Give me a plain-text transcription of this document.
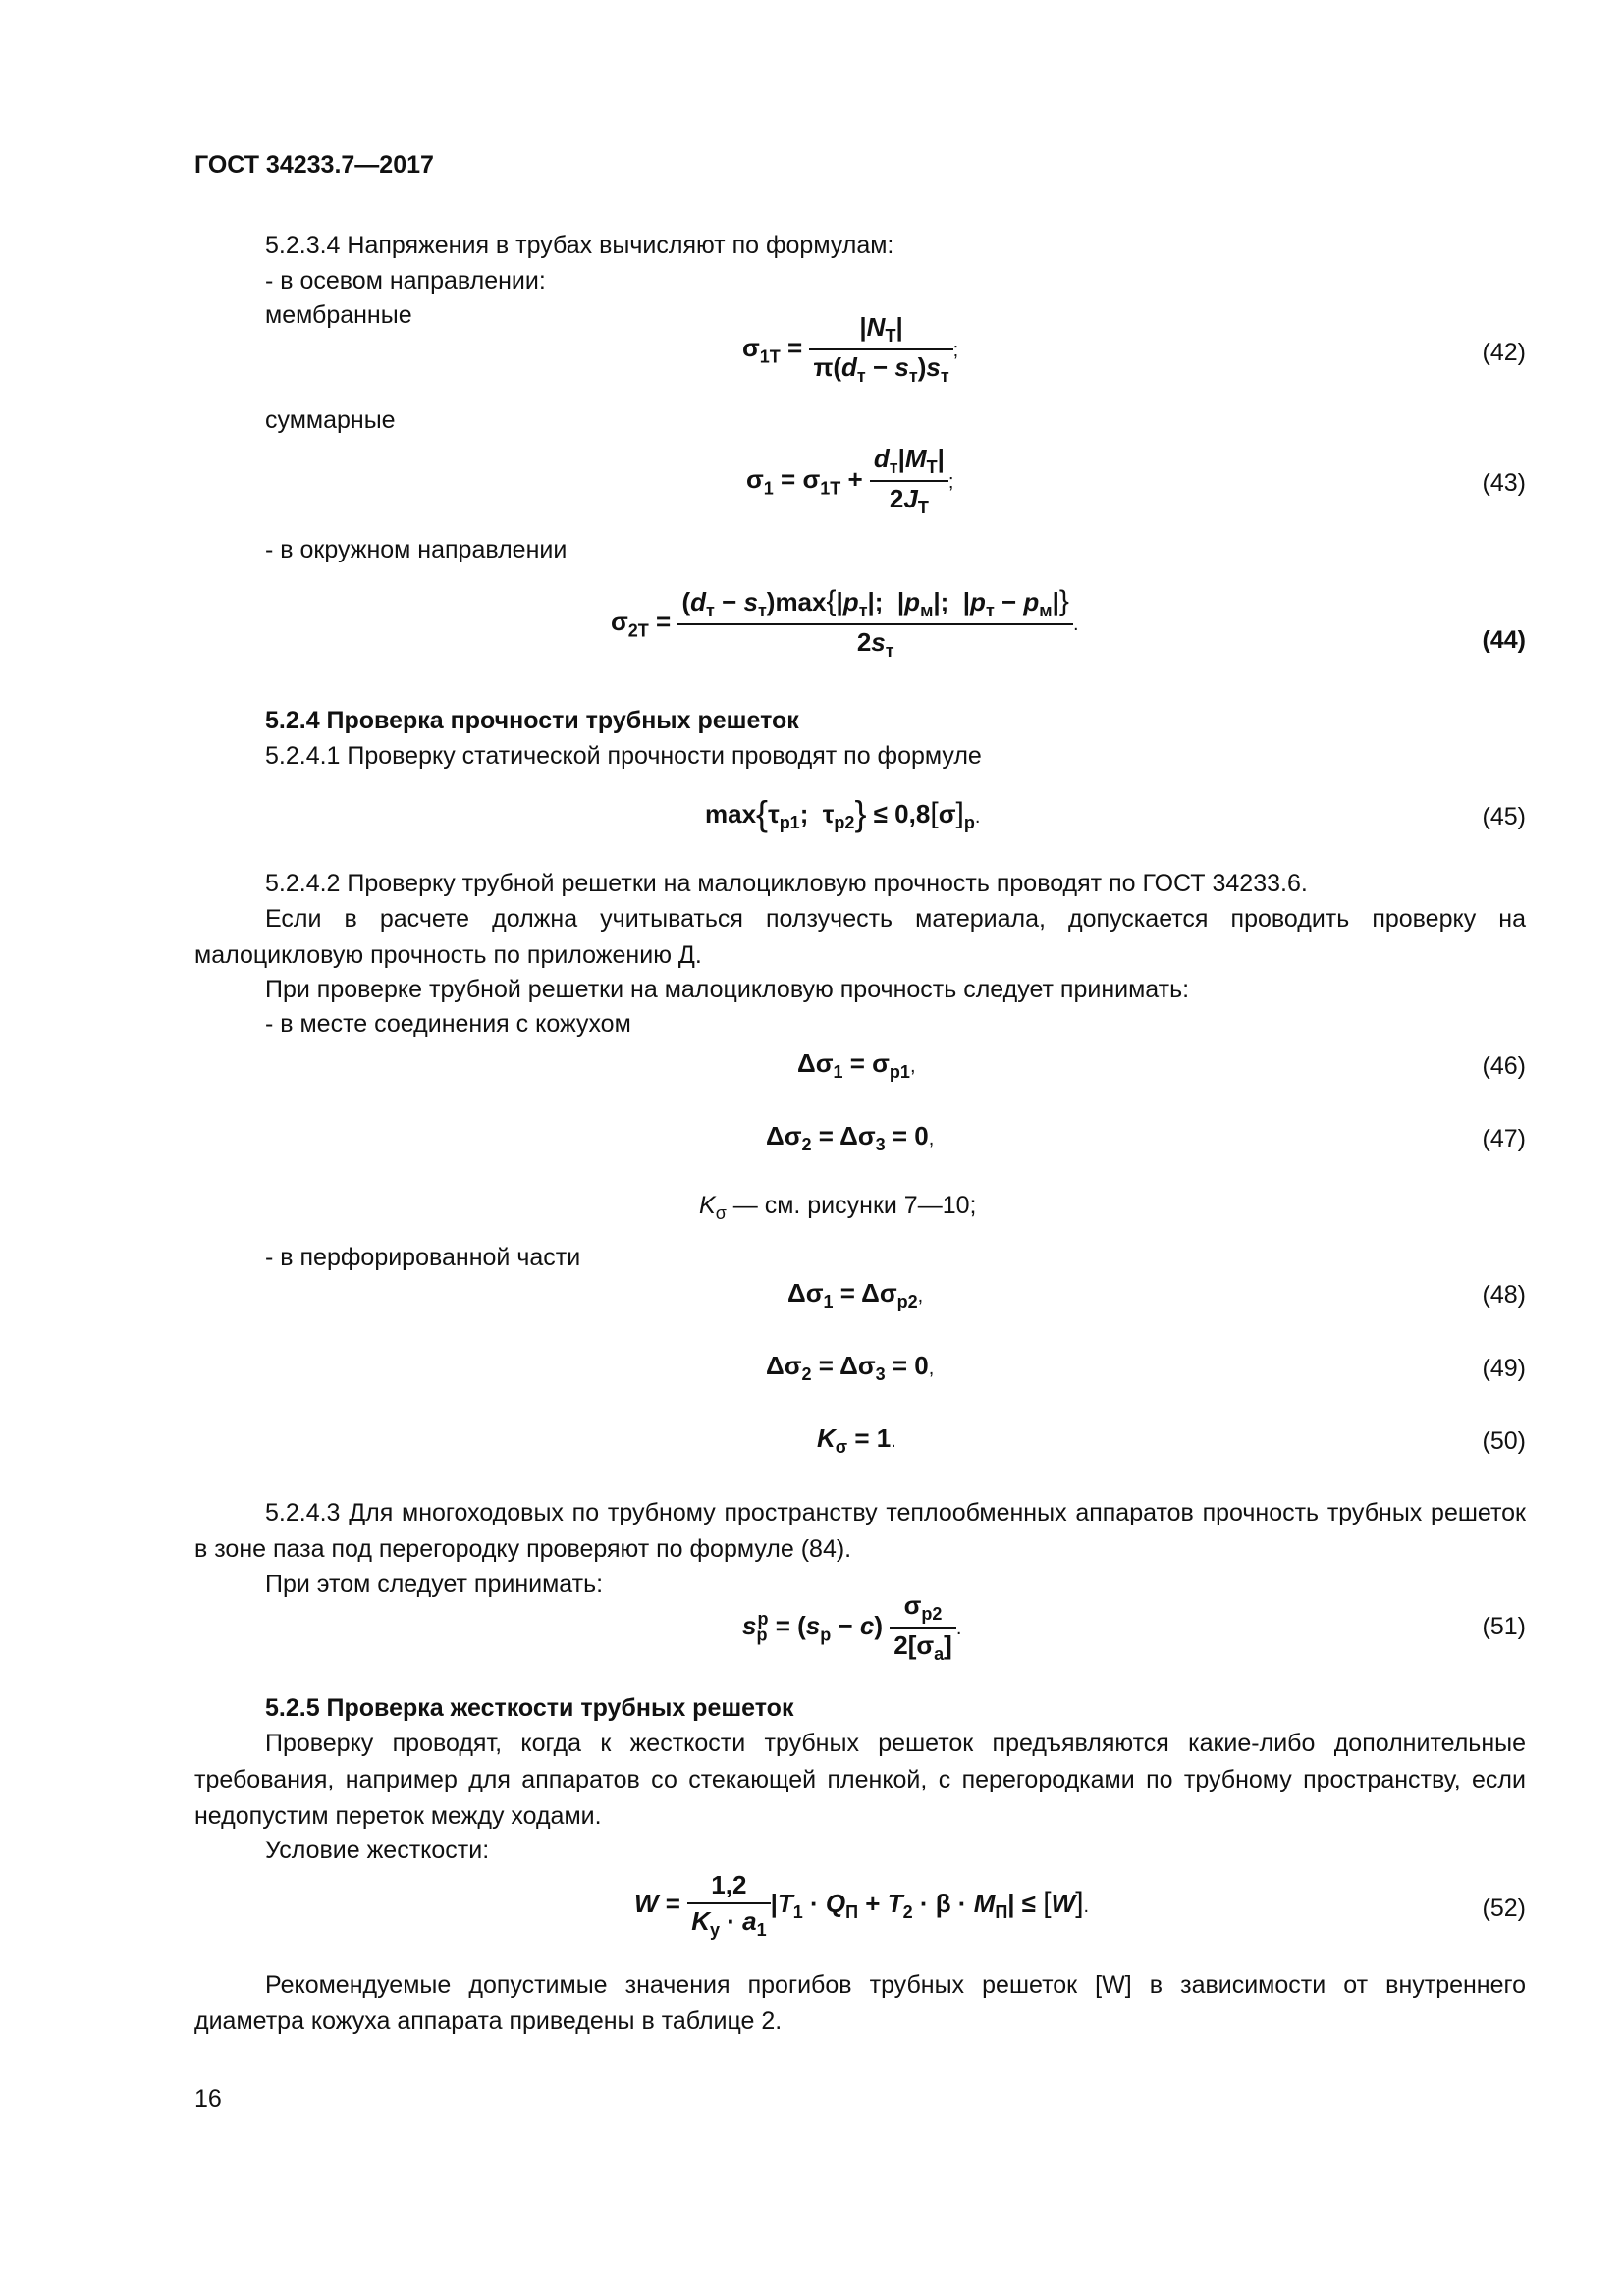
ГОСТ 34233.7—2017
5.2.3.4 Напряжения в трубах вычисляют по формулам:
- в осевом направлении:
мембранные
$\sigma_{1Т} = \frac{|N_Т|}{\pi(d_т - s_т)s_т}$ ;	(42)
суммарные
$\sigma_1 = \sigma_{1Т} + \frac{d_т|M_Т|}{2J_Т}$ ;	(43)
- в окружном направлении
$\sigma_{2Т} = \frac{(d_т - s_т)\max\{|p_т|; |p_м|; |p_т - p_м|\}}{2s_т}$ .
(44)
5.2.4 Проверка прочности трубных решеток
5.2.4.1 Проверку статической прочности проводят по формуле
$\max\{\tau_{р1}$;  $\tau_{р2}\} \le 0,8[\sigma]_р$.	(45)
5.2.4.2 Проверку трубной решетки на малоцикловую прочность проводят по ГОСТ 34233.6.
Если в расчете должна учитываться ползучесть материала, допускается проводить проверку на малоцикловую прочность по приложению Д.
При проверке трубной решетки на малоцикловую прочность следует принимать:
- в месте соединения с кожухом
$\Delta\sigma_1 = \sigma_{р1}$,	(46)
$\Delta\sigma_2 = \Delta\sigma_3 = 0$,	(47)
$K_\sigma$ — см. рисунки 7—10;
- в перфорированной части
$\Delta\sigma_1 = \Delta\sigma_{р2}$,	(48)
$\Delta\sigma_2 = \Delta\sigma_3 = 0$,	(49)
$K_\sigma = 1$.	(50)
5.2.4.3 Для многоходовых по трубному пространству теплообменных аппаратов прочность трубных решеток в зоне паза под перегородку проверяют по формуле (84).
При этом следует принимать:
$s_р^р = (s_р - c) \frac{\sigma_{р2}}{2[\sigma_а]}$ .	(51)
5.2.5 Проверка жесткости трубных решеток
Проверку проводят, когда к жесткости трубных решеток предъявляются какие-либо дополнительные требования, например для аппаратов со стекающей пленкой, с перегородками по трубному пространству, если недопустим переток между ходами.
Условие жесткости:
$W = \frac{1,2}{K_у \cdot a_1} |T_1 \cdot Q_П + T_2 \cdot \beta \cdot M_П| \le [W]$.	(52)
Рекомендуемые допустимые значения прогибов трубных решеток [W] в зависимости от внутреннего диаметра кожуха аппарата приведены в таблице 2.
16
